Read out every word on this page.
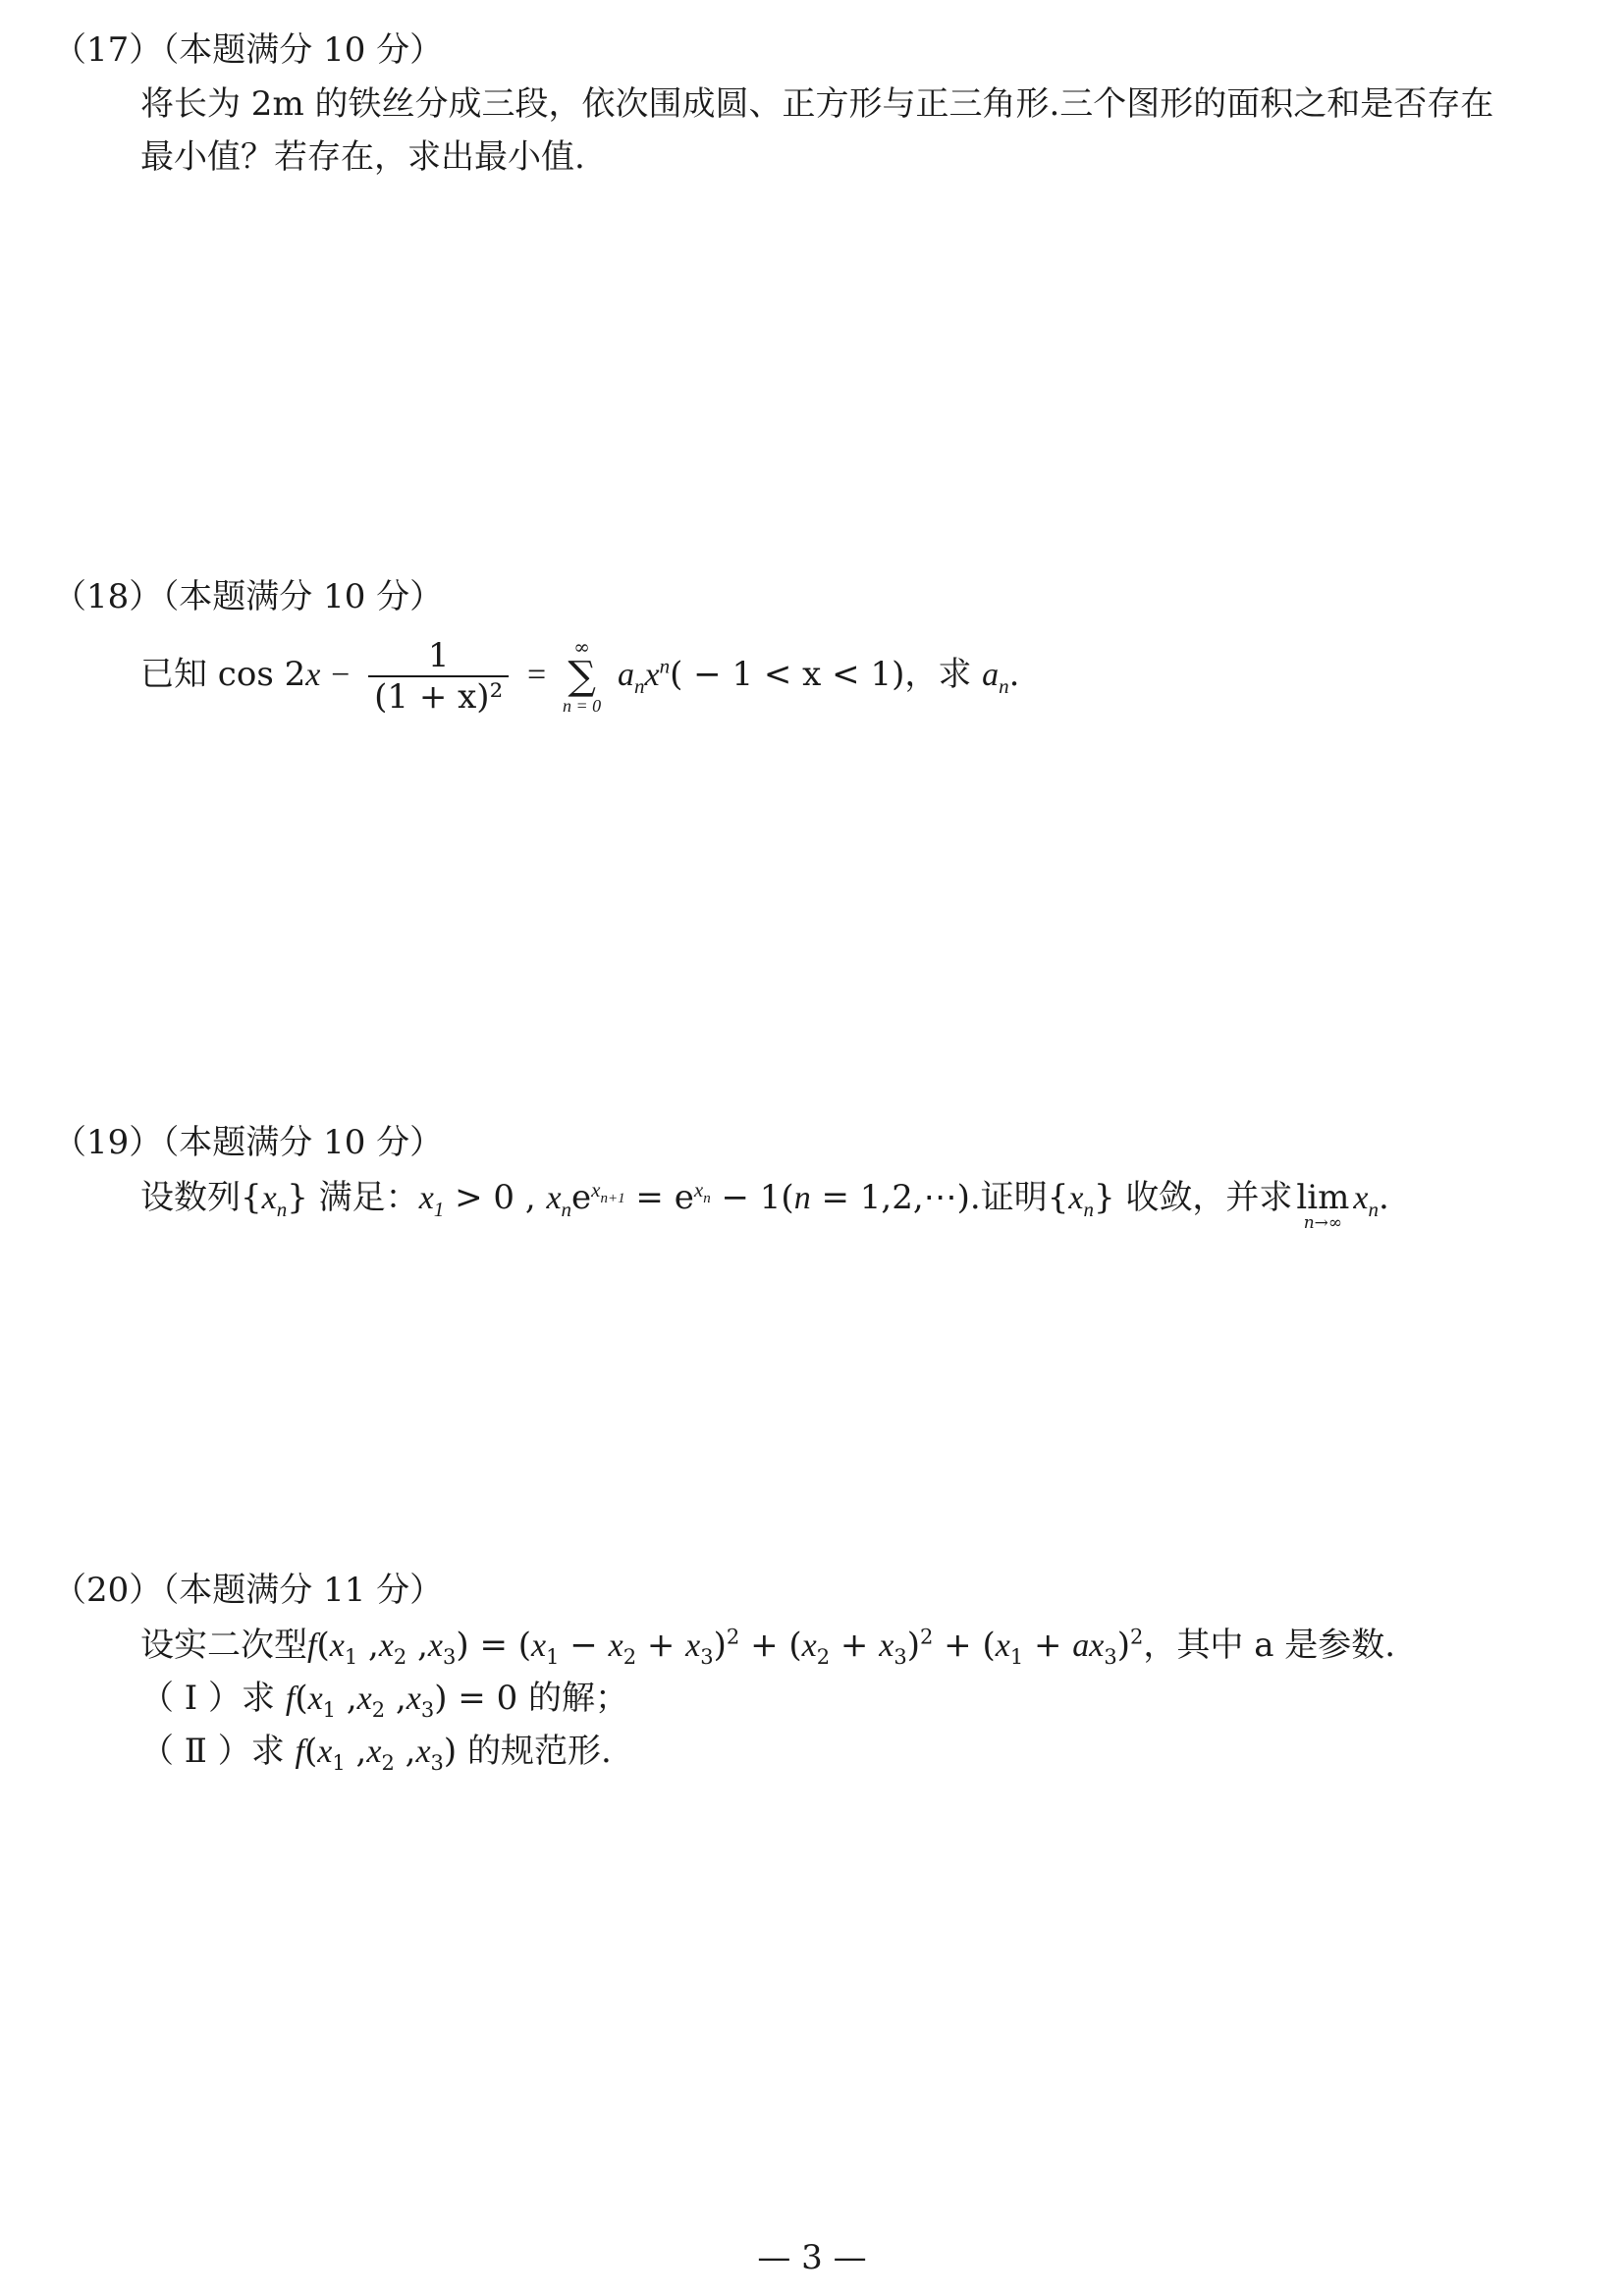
（17）（本题满分 10 分）
将长为 2m 的铁丝分成三段，依次围成圆、正方形与正三角形.三个图形的面积之和是否存在
最小值？若存在，求出最小值.
（18）（本题满分 10 分）
已知 $\cos 2x - \frac{1}{\text{(1 + x)²}}$ =
∞
∑
n = 0
$a_nx^n( - 1 < x < 1)$，求 $a_n$.
（19）（本题满分 10 分）
设数列$\{x_n\}$ 满足：$x_1 > 0$ , $x_ne^{x_{n+1}} = e^{x_n} - 1(n$ = 1,2,⋯).证明$\{x_n\}$ 收敛，并求 lim
n→∞
$x_n$.
（20）（本题满分 11 分）
设实二次型$f(x_1$ $,x_2$ $,x_3) = (x_1 - x_2 + x_3)^2 + (x_2 + x_3)^2 + (x_1 + ax_3)^2$，其中 a 是参数.
（ Ⅰ ）求 $f(x_1$ $,x_2$ $,x_3) = 0$ 的解；
（ Ⅱ ）求 $f(x_1$ $,x_2$ $,x_3$) 的规范形.
— 3 —
